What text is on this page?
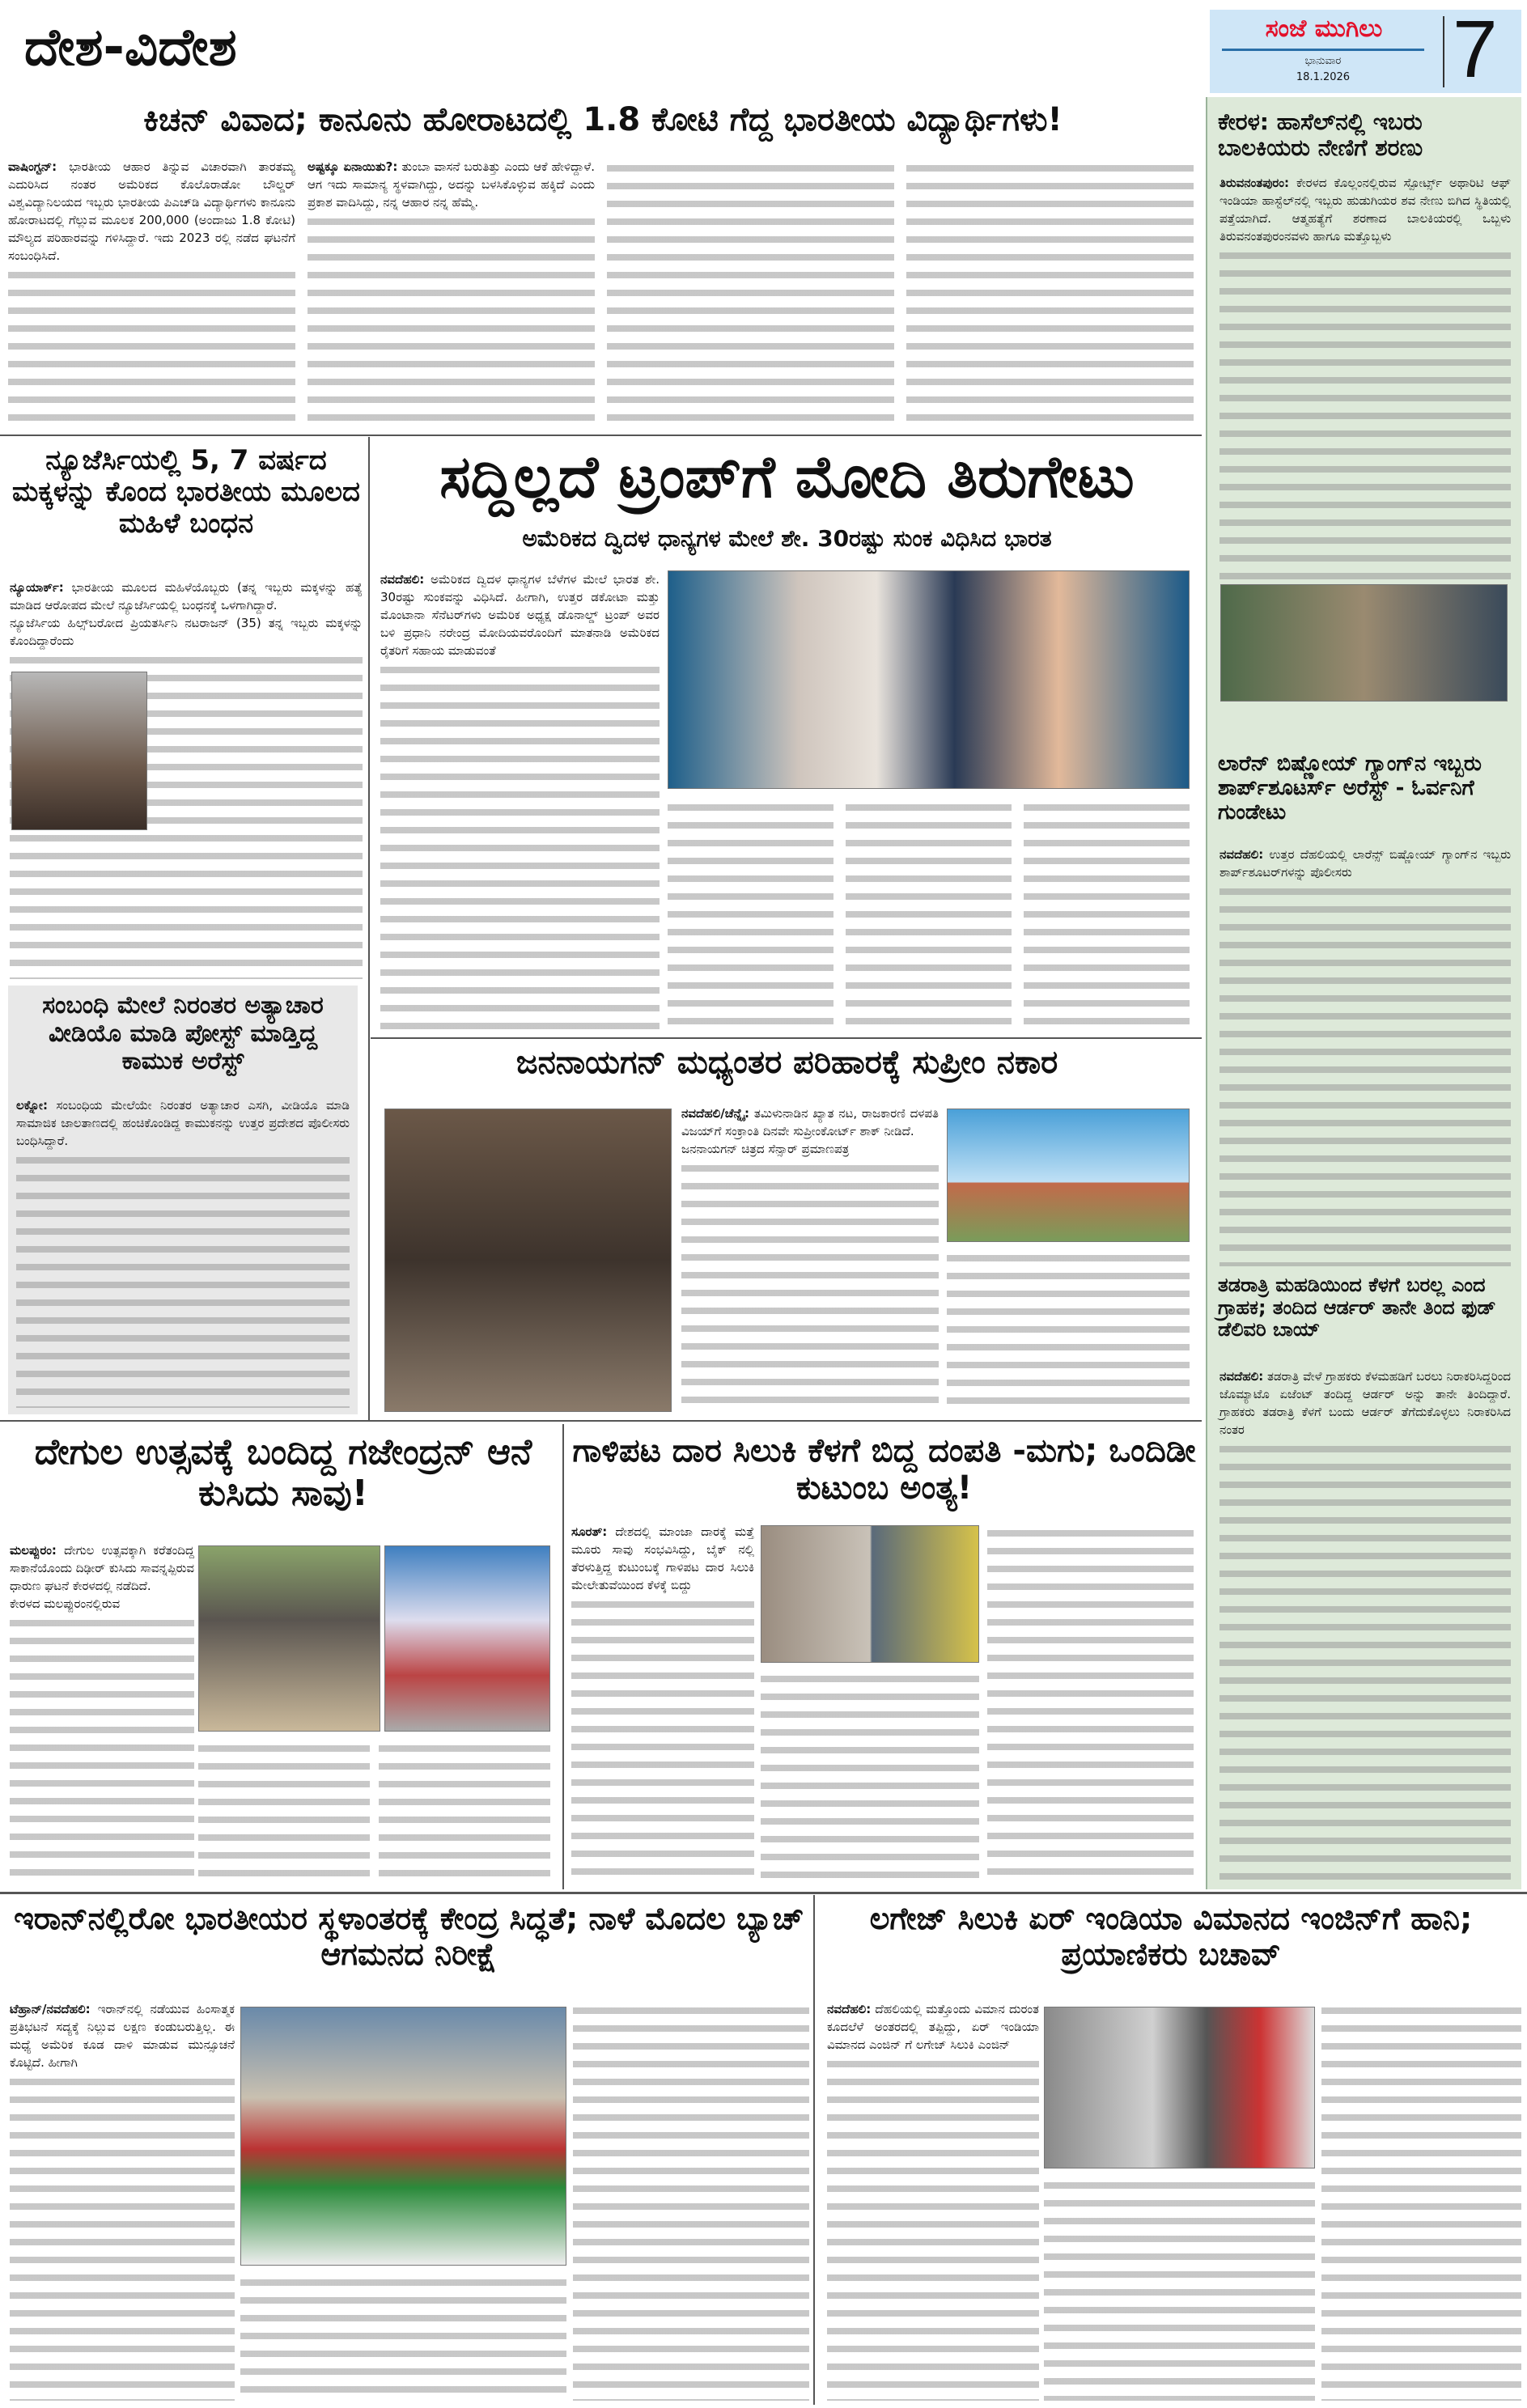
ದೇಶ-ವಿದೇಶ	ಸಂಜೆ ಮುಗಿಲು
ಭಾನುವಾರ
18.1.2026	7
ಕಿಚನ್ ವಿವಾದ; ಕಾನೂನು ಹೋರಾಟದಲ್ಲಿ 1.8 ಕೋಟಿ ಗೆದ್ದ ಭಾರತೀಯ ವಿದ್ಯಾರ್ಥಿಗಳು!
ವಾಷಿಂಗ್ಟನ್: ಭಾರತೀಯ ಆಹಾರ ತಿನ್ನುವ ವಿಚಾರವಾಗಿ ತಾರತಮ್ಯ ಎದುರಿಸಿದ ನಂತರ ಅಮೆರಿಕದ ಕೊಲೊರಾಡೋ ಬೌಲ್ಡರ್ ವಿಶ್ವವಿದ್ಯಾನಿಲಯದ ಇಬ್ಬರು ಭಾರತೀಯ ಪಿಎಚ್‌ಡಿ ವಿದ್ಯಾರ್ಥಿಗಳು ಕಾನೂನು ಹೋರಾಟದಲ್ಲಿ ಗೆಲ್ಲುವ ಮೂಲಕ 200,000 (ಅಂದಾಜು 1.8 ಕೋಟಿ) ಮೌಲ್ಯದ ಪರಿಹಾರವನ್ನು ಗಳಿಸಿದ್ದಾರೆ. ಇದು 2023 ರಲ್ಲಿ ನಡೆದ ಘಟನೆಗೆ ಸಂಬಂಧಿಸಿದೆ.
ಅಷ್ಟಕ್ಕೂ ಏನಾಯಿತು?: ತುಂಬಾ ವಾಸನೆ ಬರುತಿತ್ತು ಎಂದು ಆಕೆ ಹೇಳಿದ್ದಾಳೆ. ಆಗ ಇದು ಸಾಮಾನ್ಯ ಸ್ಥಳವಾಗಿದ್ದು, ಅದನ್ನು ಬಳಸಿಕೊಳ್ಳುವ ಹಕ್ಕಿದೆ ಎಂದು ಪ್ರಕಾಶ ವಾದಿಸಿದ್ದು, ನನ್ನ ಆಹಾರ ನನ್ನ ಹೆಮ್ಮೆ.
ನ್ಯೂಜೆರ್ಸಿಯಲ್ಲಿ 5, 7 ವರ್ಷದ ಮಕ್ಕಳನ್ನು ಕೊಂದ ಭಾರತೀಯ ಮೂಲದ ಮಹಿಳೆ ಬಂಧನ
ನ್ಯೂಯಾರ್ಕ್: ಭಾರತೀಯ ಮೂಲದ ಮಹಿಳೆಯೊಬ್ಬರು (ತನ್ನ ಇಬ್ಬರು ಮಕ್ಕಳನ್ನು ಹತ್ಯೆ ಮಾಡಿದ ಆರೋಪದ ಮೇಲೆ ನ್ಯೂಜೆರ್ಸಿಯಲ್ಲಿ ಬಂಧನಕ್ಕೆ ಒಳಗಾಗಿದ್ದಾರೆ.
ನ್ಯೂಜೆರ್ಸಿಯ ಹಿಲ್ಸ್‌ಬರೋದ ಪ್ರಿಯತರ್ಸಿನಿ ನಟರಾಜನ್ (35) ತನ್ನ ಇಬ್ಬರು ಮಕ್ಕಳನ್ನು ಕೊಂದಿದ್ದಾರೆಂದು
ಸಂಬಂಧಿ ಮೇಲೆ ನಿರಂತರ ಅತ್ಯಾಚಾರ ವೀಡಿಯೊ ಮಾಡಿ ಪೋಸ್ಟ್ ಮಾಡ್ತಿದ್ದ ಕಾಮುಕ ಅರೆಸ್ಟ್
ಲಕ್ನೋ: ಸಂಬಂಧಿಯ ಮೇಲೆಯೇ ನಿರಂತರ ಅತ್ಯಾಚಾರ ಎಸಗಿ, ವೀಡಿಯೊ ಮಾಡಿ ಸಾಮಾಜಿಕ ಜಾಲತಾಣದಲ್ಲಿ ಹಂಚಿಕೊಂಡಿದ್ದ ಕಾಮುಕನನ್ನು ಉತ್ತರ ಪ್ರದೇಶದ ಪೊಲೀಸರು ಬಂಧಿಸಿದ್ದಾರೆ.
ಸದ್ದಿಲ್ಲದೆ ಟ್ರಂಪ್‌ಗೆ ಮೋದಿ ತಿರುಗೇಟು
ಅಮೆರಿಕದ ದ್ವಿದಳ ಧಾನ್ಯಗಳ ಮೇಲೆ ಶೇ. 30ರಷ್ಟು ಸುಂಕ ವಿಧಿಸಿದ ಭಾರತ
ನವದೆಹಲಿ: ಅಮೆರಿಕದ ದ್ವಿದಳ ಧಾನ್ಯಗಳ ಬೆಳೆಗಳ ಮೇಲೆ ಭಾರತ ಶೇ. 30ರಷ್ಟು ಸುಂಕವನ್ನು ವಿಧಿಸಿದೆ. ಹೀಗಾಗಿ, ಉತ್ತರ ಡಕೋಟಾ ಮತ್ತು ಮೊಂಟಾನಾ ಸೆನೆಟರ್‌ಗಳು ಅಮೆರಿಕ ಅಧ್ಯಕ್ಷ ಡೊನಾಲ್ಡ್ ಟ್ರಂಪ್ ಅವರ ಬಳಿ ಪ್ರಧಾನಿ ನರೇಂದ್ರ ಮೋದಿಯವರೊಂದಿಗೆ ಮಾತನಾಡಿ ಅಮೆರಿಕದ ರೈತರಿಗೆ ಸಹಾಯ ಮಾಡುವಂತೆ
ಜನನಾಯಗನ್ ಮಧ್ಯಂತರ ಪರಿಹಾರಕ್ಕೆ ಸುಪ್ರೀಂ ನಕಾರ
ನವದೆಹಲಿ/ಚೆನ್ನೈ: ತಮಿಳುನಾಡಿನ ಖ್ಯಾತ ನಟ, ರಾಜಕಾರಣಿ ದಳಪತಿ ವಿಜಯ್‌ಗೆ ಸಂಕ್ರಾಂತಿ ದಿನವೇ ಸುಪ್ರೀಂಕೋರ್ಟ್ ಶಾಕ್ ನೀಡಿದೆ.
ಜನನಾಯಗನ್ ಚಿತ್ರದ ಸೆನ್ಸಾರ್ ಪ್ರಮಾಣಪತ್ರ
ದೇಗುಲ ಉತ್ಸವಕ್ಕೆ ಬಂದಿದ್ದ ಗಜೇಂದ್ರನ್ ಆನೆ ಕುಸಿದು ಸಾವು!
ಮಲಪ್ಪುರಂ: ದೇಗುಲ ಉತ್ಸವಕ್ಕಾಗಿ ಕರೆತಂದಿದ್ದ ಸಾಕಾನೆಯೊಂದು ದಿಢೀರ್ ಕುಸಿದು ಸಾವನ್ನಪ್ಪಿರುವ ಧಾರುಣ ಘಟನೆ ಕೇರಳದಲ್ಲಿ ನಡೆದಿದೆ.
ಕೇರಳದ ಮಲಪ್ಪುರಂನಲ್ಲಿರುವ
ಗಾಳಿಪಟ ದಾರ ಸಿಲುಕಿ ಕೆಳಗೆ ಬಿದ್ದ ದಂಪತಿ -ಮಗು; ಒಂದಿಡೀ ಕುಟುಂಬ ಅಂತ್ಯ!
ಸೂರತ್: ದೇಶದಲ್ಲಿ ಮಾಂಜಾ ದಾರಕ್ಕೆ ಮತ್ತೆ ಮೂರು ಸಾವು ಸಂಭವಿಸಿದ್ದು, ಬೈಕ್ ನಲ್ಲಿ ತೆರಳುತ್ತಿದ್ದ ಕುಟುಂಬಕ್ಕೆ ಗಾಳಿಪಟ ದಾರ ಸಿಲುಕಿ ಮೇಲೇತುವೆಯಿಂದ ಕೆಳಕ್ಕೆ ಬಿದ್ದು
ಕೇರಳ: ಹಾಸೆಲ್‌ನಲ್ಲಿ ಇಬರು ಬಾಲಕಿಯರು ನೇಣಿಗೆ ಶರಣು
ತಿರುವನಂತಪುರಂ: ಕೇರಳದ ಕೊಲ್ಲಂನಲ್ಲಿರುವ ಸ್ಪೋರ್ಟ್ಸ್ ಅಥಾರಿಟಿ ಆಫ್ ಇಂಡಿಯಾ ಹಾಸ್ಟೆಲ್‌ನಲ್ಲಿ ಇಬ್ಬರು ಹುಡುಗಿಯರ ಶವ ನೇಣು ಬಿಗಿದ ಸ್ಥಿತಿಯಲ್ಲಿ ಪತ್ತೆಯಾಗಿದೆ. ಆತ್ಮಹತ್ಯೆಗೆ ಶರಣಾದ ಬಾಲಕಿಯರಲ್ಲಿ ಒಬ್ಬಳು ತಿರುವನಂತಪುರಂನವಳು ಹಾಗೂ ಮತ್ತೊಬ್ಬಳು
ಲಾರೆನ್ ಬಿಷ್ಣೋಯ್ ಗ್ಯಾಂಗ್‌ನ ಇಬ್ಬರು ಶಾರ್ಪ್‌ಶೂಟರ್ಸ್ ಅರೆಸ್ಟ್ - ಓರ್ವನಿಗೆ ಗುಂಡೇಟು
ನವದೆಹಲಿ: ಉತ್ತರ ದೆಹಲಿಯಲ್ಲಿ ಲಾರೆನ್ಸ್ ಬಿಷ್ಣೋಯ್ ಗ್ಯಾಂಗ್‌ನ ಇಬ್ಬರು ಶಾರ್ಪ್‌ಶೂಟರ್‌ಗಳನ್ನು ಪೊಲೀಸರು
ತಡರಾತ್ರಿ ಮಹಡಿಯಿಂದ ಕೆಳಗೆ ಬರಲ್ಲ ಎಂದ ಗ್ರಾಹಕ; ತಂದಿದ ಆರ್ಡರ್ ತಾನೇ ತಿಂದ ಫುಡ್ ಡೆಲಿವರಿ ಬಾಯ್
ನವದೆಹಲಿ: ತಡರಾತ್ರಿ ವೇಳೆ ಗ್ರಾಹಕರು ಕೆಳಮಹಡಿಗೆ ಬರಲು ನಿರಾಕರಿಸಿದ್ದರಿಂದ ಜೊಮ್ಯಾಟೊ ಏಜೆಂಟ್ ತಂದಿದ್ದ ಆರ್ಡರ್ ಅನ್ನು ತಾನೇ ತಿಂದಿದ್ದಾರೆ. ಗ್ರಾಹಕರು ತಡರಾತ್ರಿ ಕೆಳಗೆ ಬಂದು ಆರ್ಡರ್ ತೆಗೆದುಕೊಳ್ಳಲು ನಿರಾಕರಿಸಿದ ನಂತರ
ಇರಾನ್‌ನಲ್ಲಿರೋ ಭಾರತೀಯರ ಸ್ಥಳಾಂತರಕ್ಕೆ ಕೇಂದ್ರ ಸಿದ್ಧತೆ; ನಾಳೆ ಮೊದಲ ಬ್ಯಾಚ್ ಆಗಮನದ ನಿರೀಕ್ಷೆ
ಟೆಹ್ರಾನ್/ನವದೆಹಲಿ: ಇರಾನ್‌ನಲ್ಲಿ ನಡೆಯುವ ಹಿಂಸಾತ್ಮಕ ಪ್ರತಿಭಟನೆ ಸದ್ಯಕ್ಕೆ ನಿಲ್ಲುವ ಲಕ್ಷಣ ಕಂಡುಬರುತ್ತಿಲ್ಲ. ಈ ಮಧ್ಯೆ ಅಮೆರಿಕ ಕೂಡ ದಾಳಿ ಮಾಡುವ ಮುನ್ಸೂಚನೆ ಕೊಟ್ಟಿದೆ. ಹೀಗಾಗಿ
ಲಗೇಜ್ ಸಿಲುಕಿ ಏರ್ ಇಂಡಿಯಾ ವಿಮಾನದ ಇಂಜಿನ್‌ಗೆ ಹಾನಿ; ಪ್ರಯಾಣಿಕರು ಬಚಾವ್
ನವದೆಹಲಿ: ದೆಹಲಿಯಲ್ಲಿ ಮತ್ತೊಂದು ವಿಮಾನ ದುರಂತ ಕೂದಲೆಳೆ ಅಂತರದಲ್ಲಿ ತಪ್ಪಿದ್ದು, ಏರ್ ಇಂಡಿಯಾ ವಿಮಾನದ ಎಂಜಿನ್ ಗೆ ಲಗೇಜ್ ಸಿಲುಕಿ ಎಂಜಿನ್
